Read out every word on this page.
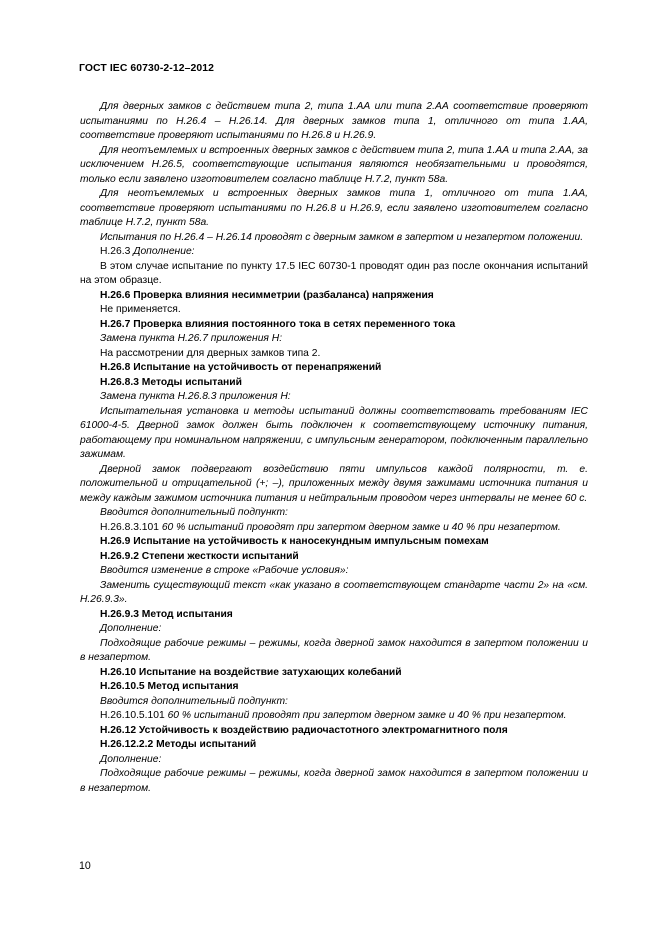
ГОСТ IEC 60730-2-12–2012

Для дверных замков с действием типа 2, типа 1.АА или типа 2.АА соответствие проверяют испытаниями по H.26.4 – H.26.14. Для дверных замков типа 1, отличного от типа 1.АА, соответствие проверяют испытаниями по H.26.8 и H.26.9.

Для неотъемлемых и встроенных дверных замков с действием типа 2, типа 1.АА и типа 2.АА, за исключением H.26.5, соответствующие испытания являются необязательными и проводятся, только если заявлено изготовителем согласно таблице H.7.2, пункт 58а.

Для неотъемлемых и встроенных дверных замков типа 1, отличного от типа 1.АА, соответствие проверяют испытаниями по H.26.8 и H.26.9, если заявлено изготовителем согласно таблице H.7.2, пункт 58а.

Испытания по H.26.4 – H.26.14 проводят с дверным замком в запертом и незапертом положении.

H.26.3 Дополнение:

В этом случае испытание по пункту 17.5 IEC 60730-1 проводят один раз после окончания испытаний на этом образце.

H.26.6 Проверка влияния несимметрии (разбаланса) напряжения

Не применяется.

H.26.7 Проверка влияния постоянного тока в сетях переменного тока

Замена пункта H.26.7 приложения H:

На рассмотрении для дверных замков типа 2.

H.26.8 Испытание на устойчивость от перенапряжений

H.26.8.3 Методы испытаний

Замена пункта H.26.8.3 приложения H:

Испытательная установка и методы испытаний должны соответствовать требованиям IEC 61000-4-5. Дверной замок должен быть подключен к соответствующему источнику питания, работающему при номинальном напряжении, с импульсным генератором, подключенным параллельно зажимам.

Дверной замок подвергают воздействию пяти импульсов каждой полярности, т. е. положительной и отрицательной (+; –), приложенных между двумя зажимами источника питания и между каждым зажимом источника питания и нейтральным проводом через интервалы не менее 60 с.

Вводится дополнительный подпункт:

H.26.8.3.101 60 % испытаний проводят при запертом дверном замке и 40 % при незапертом.

H.26.9 Испытание на устойчивость к наносекундным импульсным помехам

H.26.9.2 Степени жесткости испытаний

Вводится изменение в строке «Рабочие условия»:

Заменить существующий текст «как указано в соответствующем стандарте части 2» на «см. H.26.9.3».

H.26.9.3 Метод испытания

Дополнение:

Подходящие рабочие режимы – режимы, когда дверной замок находится в запертом положении и в незапертом.

H.26.10 Испытание на воздействие затухающих колебаний

H.26.10.5 Метод испытания

Вводится дополнительный подпункт:

H.26.10.5.101 60 % испытаний проводят при запертом дверном замке и 40 % при незапертом.

H.26.12 Устойчивость к воздействию радиочастотного электромагнитного поля

H.26.12.2.2 Методы испытаний

Дополнение:

Подходящие рабочие режимы – режимы, когда дверной замок находится в запертом положении и в незапертом.

10
